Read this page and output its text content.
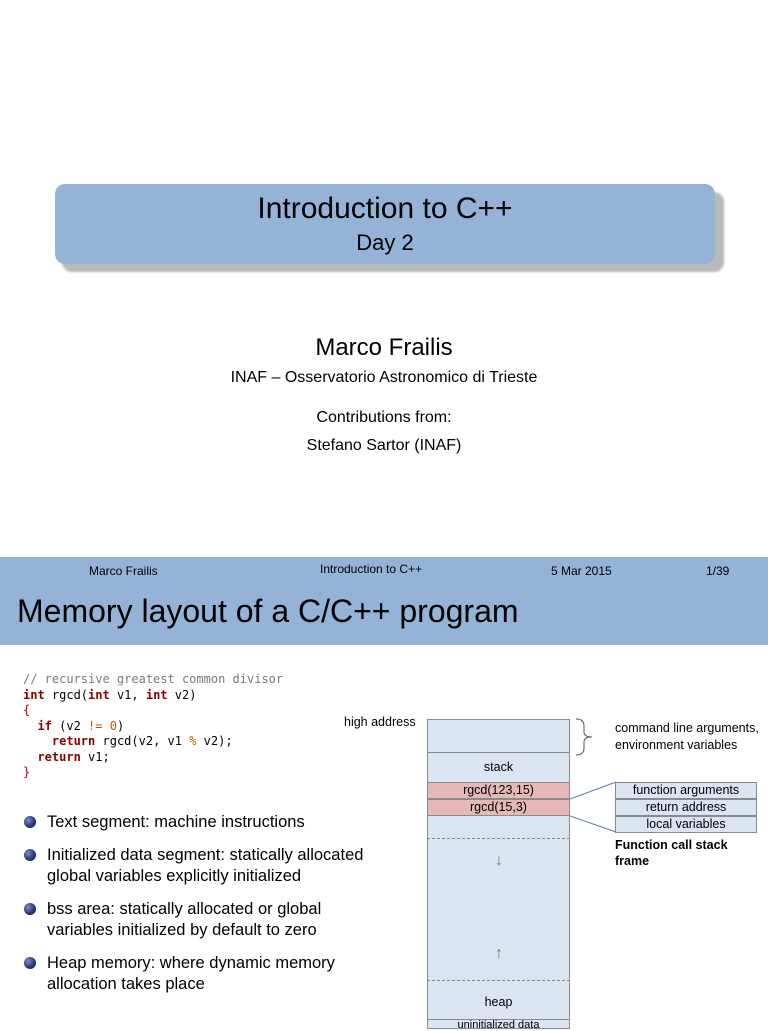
Introduction to C++
Day 2
Marco Frailis
INAF – Osservatorio Astronomico di Trieste
Contributions from:
Stefano Sartor (INAF)
Marco Frailis	Introduction to C++	5 Mar 2015	1/39
Memory layout of a C/C++ program
// recursive greatest common divisor
int rgcd(int v1, int v2)
{
if (v2 != 0)
return rgcd(v2, v1 % v2);
return v1;
}
Text segment: machine instructions
Initialized data segment: statically allocated global variables explicitly initialized
bss area: statically allocated or global variables initialized by default to zero
Heap memory: where dynamic memory allocation takes place
high address
stack
rgcd(123,15)
rgcd(15,3)
↓
↑
heap
uninitialized data
command line arguments, environment variables
function arguments
return address
local variables
Function call stack frame
